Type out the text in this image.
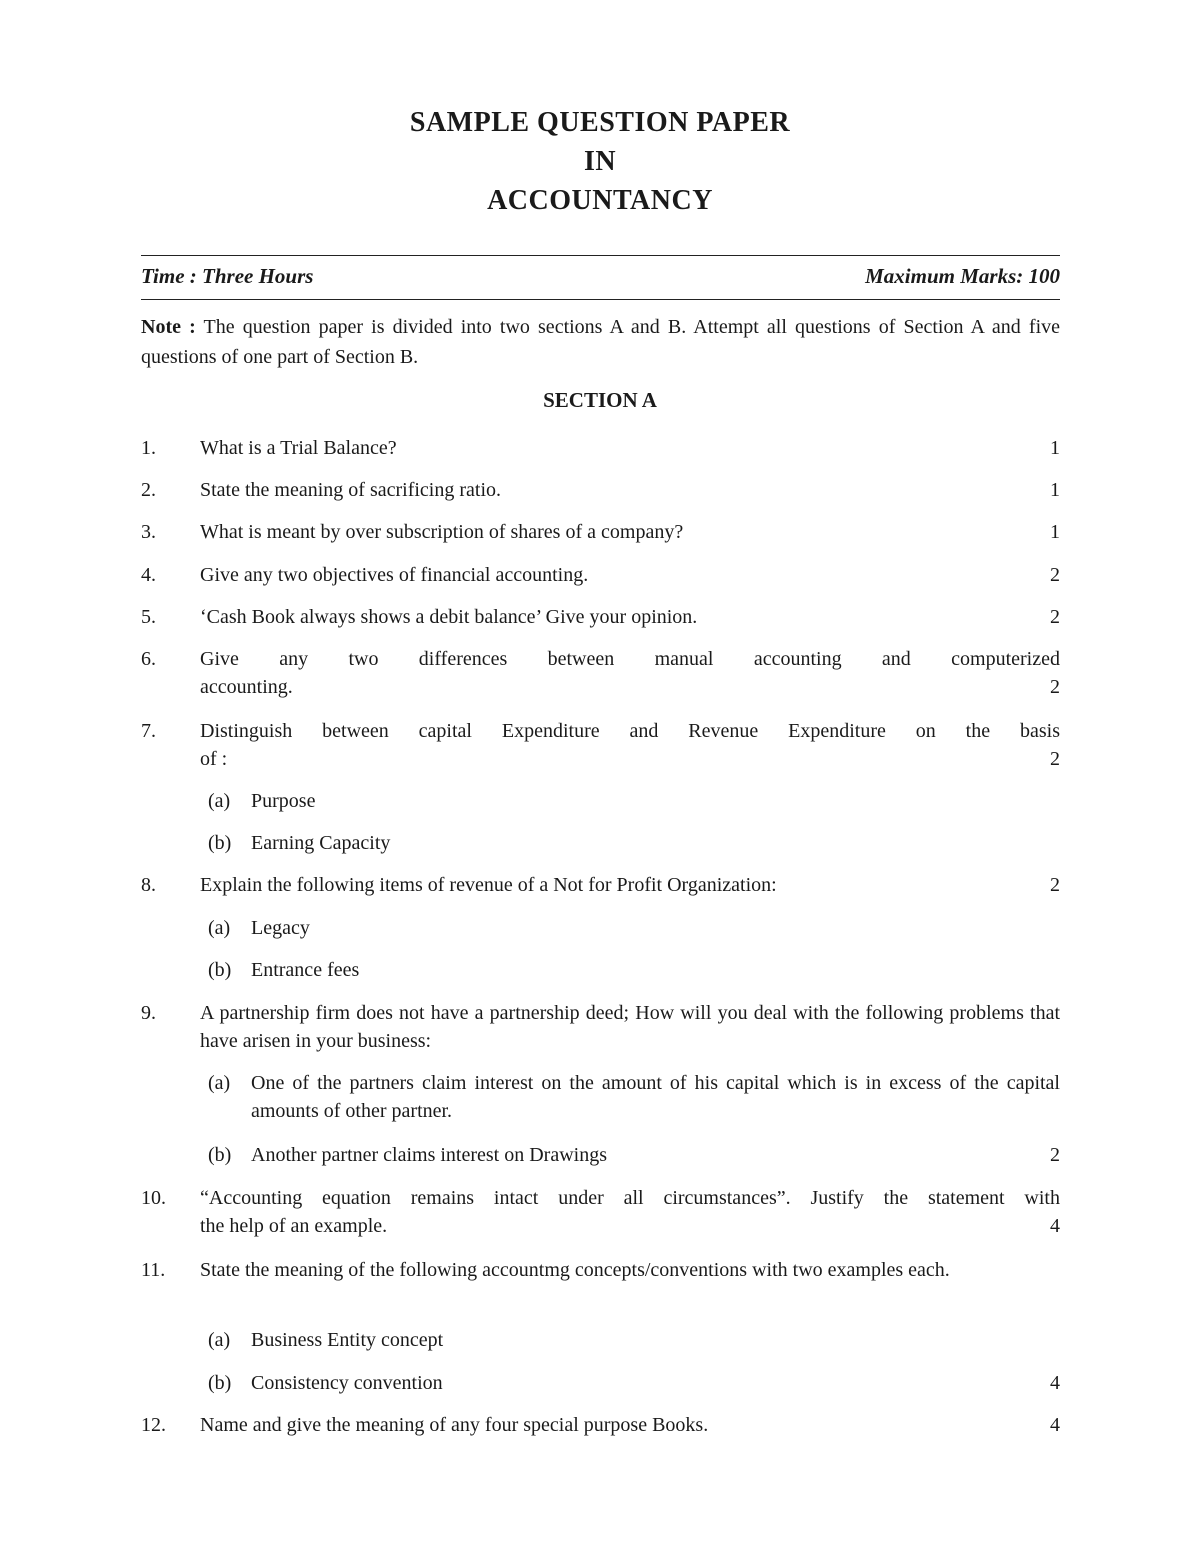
SAMPLE QUESTION PAPER
IN
ACCOUNTANCY
Time : Three Hours	Maximum Marks: 100
Note : The question paper is divided into two sections A and B. Attempt all questions of Section A and five questions of one part of Section B.
SECTION A
1.	What is a Trial Balance?	1
2.	State the meaning of sacrificing ratio.	1
3.	What is meant by over subscription of shares of a company?	1
4.	Give any two objectives of financial accounting.	2
5.	‘Cash Book always shows a debit balance’ Give your opinion.	2
6.	Give any two differences between manual accounting and computerized
accounting.	2
7.	Distinguish between capital Expenditure and Revenue Expenditure on the basis
of :	2
(a)	Purpose
(b) Earning Capacity
8.	Explain the following items of revenue of a Not for Profit Organization:	2
(a)	Legacy
(b) Entrance fees
9.	A partnership firm does not have a partnership deed; How will you deal with the following problems that have arisen in your business:
(a)	One of the partners claim interest on the amount of his capital which is in excess of the capital amounts of other partner.
(b) Another partner claims interest on Drawings	2
10.	“Accounting equation remains intact under all circumstances”. Justify the statement with
the help of an example.	4
11.	State the meaning of the following accountmg concepts/conventions with two examples each.
(a)	Business Entity concept
(b) Consistency convention	4
12.	Name and give the meaning of any four special purpose Books.	4
